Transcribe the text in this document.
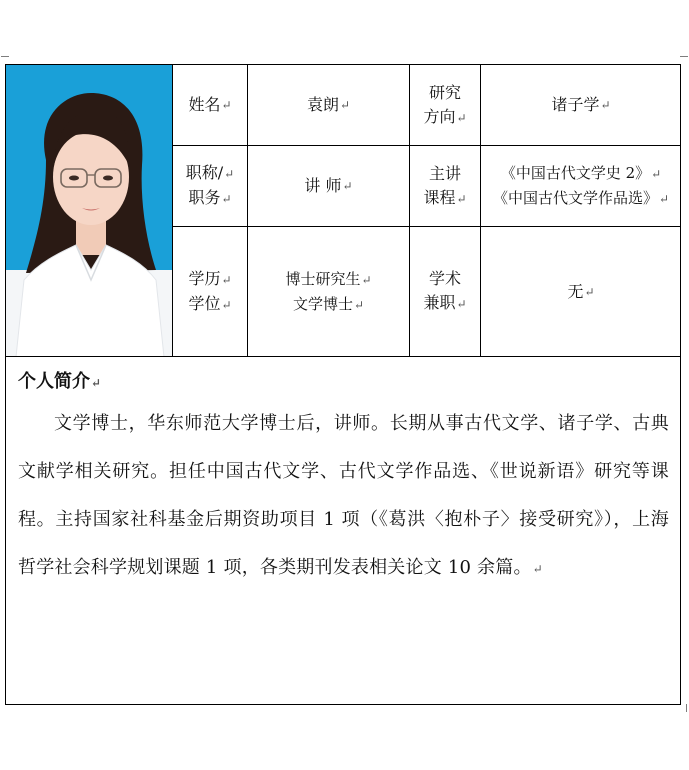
姓名 ↵	袁朗 ↵
研究
方向↵
诸子学 ↵
职称/↵
职务↵
讲 师 ↵
主讲
课程↵
《中国古代文学史 2》↵
《中国古代文学作品选》↵
学历↵
学位↵
博士研究生↵
文学博士↵
学术
兼职↵
无 ↵
个人简介↵
文学博士，华东师范大学博士后，讲师。长期从事古代文学、诸子学、古典文献学相关研究。担任中国古代文学、古代文学作品选、《世说新语》研究等课程。主持国家社科基金后期资助项目 1 项（《葛洪〈抱朴子〉接受研究》），上海哲学社会科学规划课题 1 项，各类期刊发表相关论文 10 余篇。↵
